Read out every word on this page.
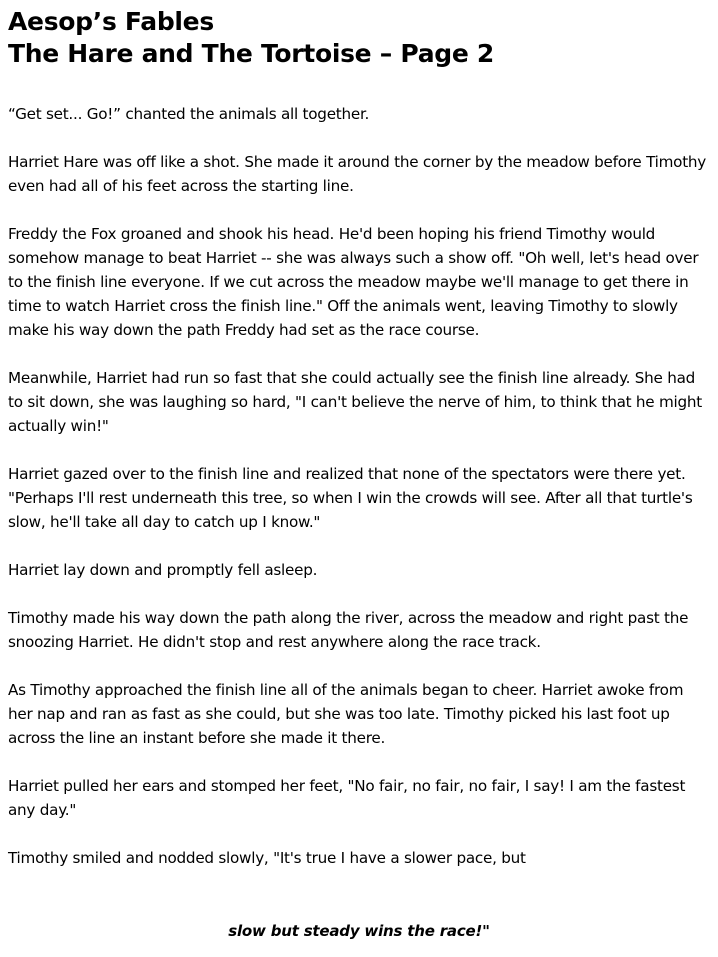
Aesop’s Fables
The Hare and The Tortoise – Page 2

“Get set... Go!” chanted the animals all together.

Harriet Hare was off like a shot. She made it around the corner by the meadow before Timothy even had all of his feet across the starting line.

Freddy the Fox groaned and shook his head. He'd been hoping his friend Timothy would somehow manage to beat Harriet -- she was always such a show off. "Oh well, let's head over to the finish line everyone. If we cut across the meadow maybe we'll manage to get there in time to watch Harriet cross the finish line." Off the animals went, leaving Timothy to slowly make his way down the path Freddy had set as the race course.

Meanwhile, Harriet had run so fast that she could actually see the finish line already. She had to sit down, she was laughing so hard, "I can't believe the nerve of him, to think that he might actually win!"

Harriet gazed over to the finish line and realized that none of the spectators were there yet. "Perhaps I'll rest underneath this tree, so when I win the crowds will see. After all that turtle's slow, he'll take all day to catch up I know."

Harriet lay down and promptly fell asleep.

Timothy made his way down the path along the river, across the meadow and right past the snoozing Harriet. He didn't stop and rest anywhere along the race track.

As Timothy approached the finish line all of the animals began to cheer. Harriet awoke from her nap and ran as fast as she could, but she was too late. Timothy picked his last foot up across the line an instant before she made it there.

Harriet pulled her ears and stomped her feet, "No fair, no fair, no fair, I say! I am the fastest any day."

Timothy smiled and nodded slowly, "It's true I have a slower pace, but

slow but steady wins the race!"
